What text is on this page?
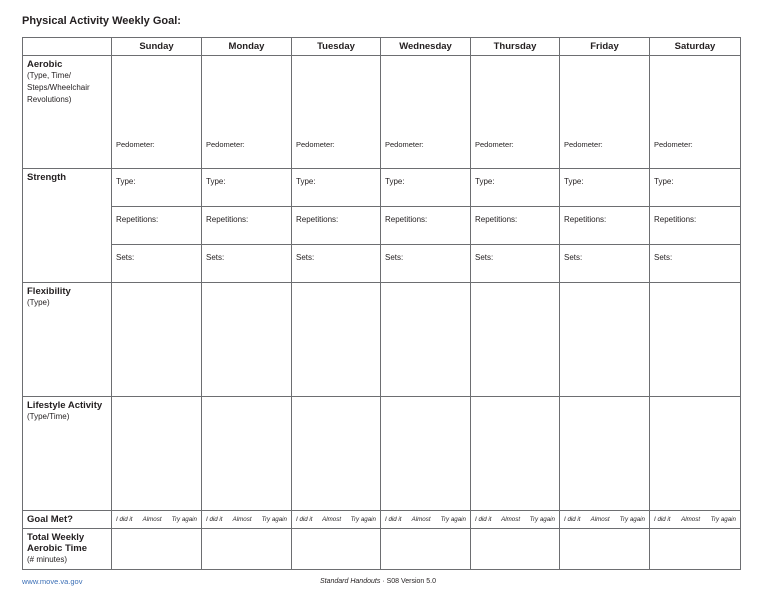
Physical Activity Weekly Goal:
	Sunday	Monday	Tuesday	Wednesday	Thursday	Friday	Saturday

Aerobic
(Type, Time/ Steps/Wheelchair Revolutions)	Pedometer:	Pedometer:	Pedometer:	Pedometer:	Pedometer:	Pedometer:	Pedometer:

Strength	Type:	Type:	Type:	Type:	Type:	Type:	Type:

	Repetitions:	Repetitions:	Repetitions:	Repetitions:	Repetitions:	Repetitions:	Repetitions:

	Sets:	Sets:	Sets:	Sets:	Sets:	Sets:	Sets:

Flexibility
(Type)							

Lifestyle Activity
(Type/Time)							

Goal Met?	I did it Almost Try again	I did it Almost Try again	I did it Almost Try again	I did it Almost Try again	I did it Almost Try again	I did it Almost Try again	I did it Almost Try again

Total Weekly Aerobic Time
(# minutes)							

www.move.va.gov	Standard Handouts · S08 Version 5.0
